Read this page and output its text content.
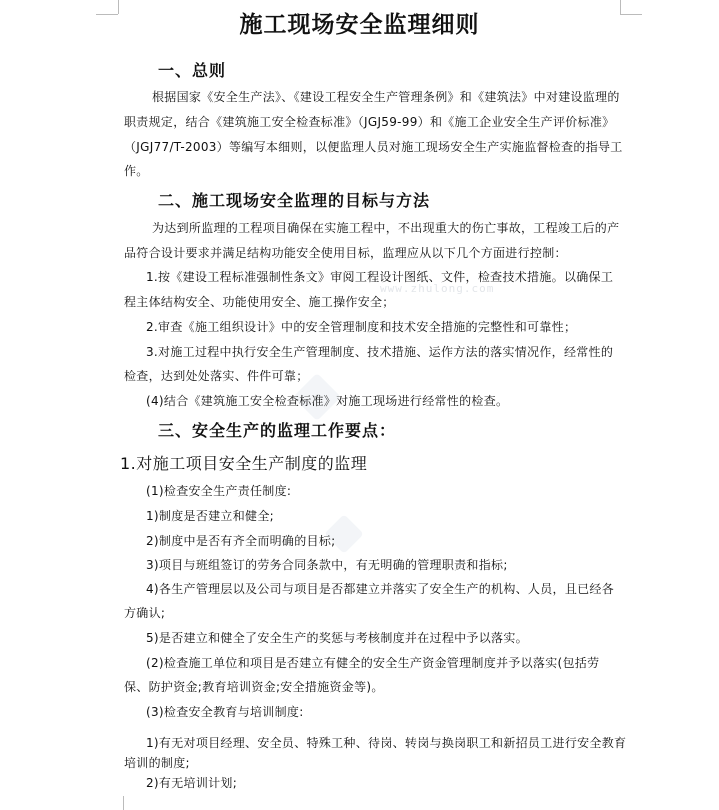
www.zhulong.com
施工现场安全监理细则
一、总则
根据国家《安全生产法》、《建设工程安全生产管理条例》和《建筑法》中对建设监理的
职责规定，结合《建筑施工安全检查标准》（JGJ59-99）和《施工企业安全生产评价标准》
（JGJ77/T-2003）等编写本细则，以便监理人员对施工现场安全生产实施监督检查的指导工
作。
二、施工现场安全监理的目标与方法
为达到所监理的工程项目确保在实施工程中，不出现重大的伤亡事故，工程竣工后的产
品符合设计要求并满足结构功能安全使用目标，监理应从以下几个方面进行控制：
1.按《建设工程标准强制性条文》审阅工程设计图纸、文件，检查技术措施。以确保工
程主体结构安全、功能使用安全、施工操作安全；
2.审查《施工组织设计》中的安全管理制度和技术安全措施的完整性和可靠性；
3.对施工过程中执行安全生产管理制度、技术措施、运作方法的落实情况作，经常性的
检查，达到处处落实、件件可靠；
(4)结合《建筑施工安全检查标准》对施工现场进行经常性的检查。
三、安全生产的监理工作要点：
1.对施工项目安全生产制度的监理
(1)检查安全生产责任制度:
1)制度是否建立和健全;
2)制度中是否有齐全而明确的目标;
3)项目与班组签订的劳务合同条款中，有无明确的管理职责和指标;
4)各生产管理层以及公司与项目是否都建立并落实了安全生产的机构、人员，且已经各
方确认;
5)是否建立和健全了安全生产的奖惩与考核制度并在过程中予以落实。
(2)检查施工单位和项目是否建立有健全的安全生产资金管理制度并予以落实(包括劳
保、防护资金;教育培训资金;安全措施资金等)。
(3)检查安全教育与培训制度:
1)有无对项目经理、安全员、特殊工种、待岗、转岗与换岗职工和新招员工进行安全教育
培训的制度;
2)有无培训计划;
